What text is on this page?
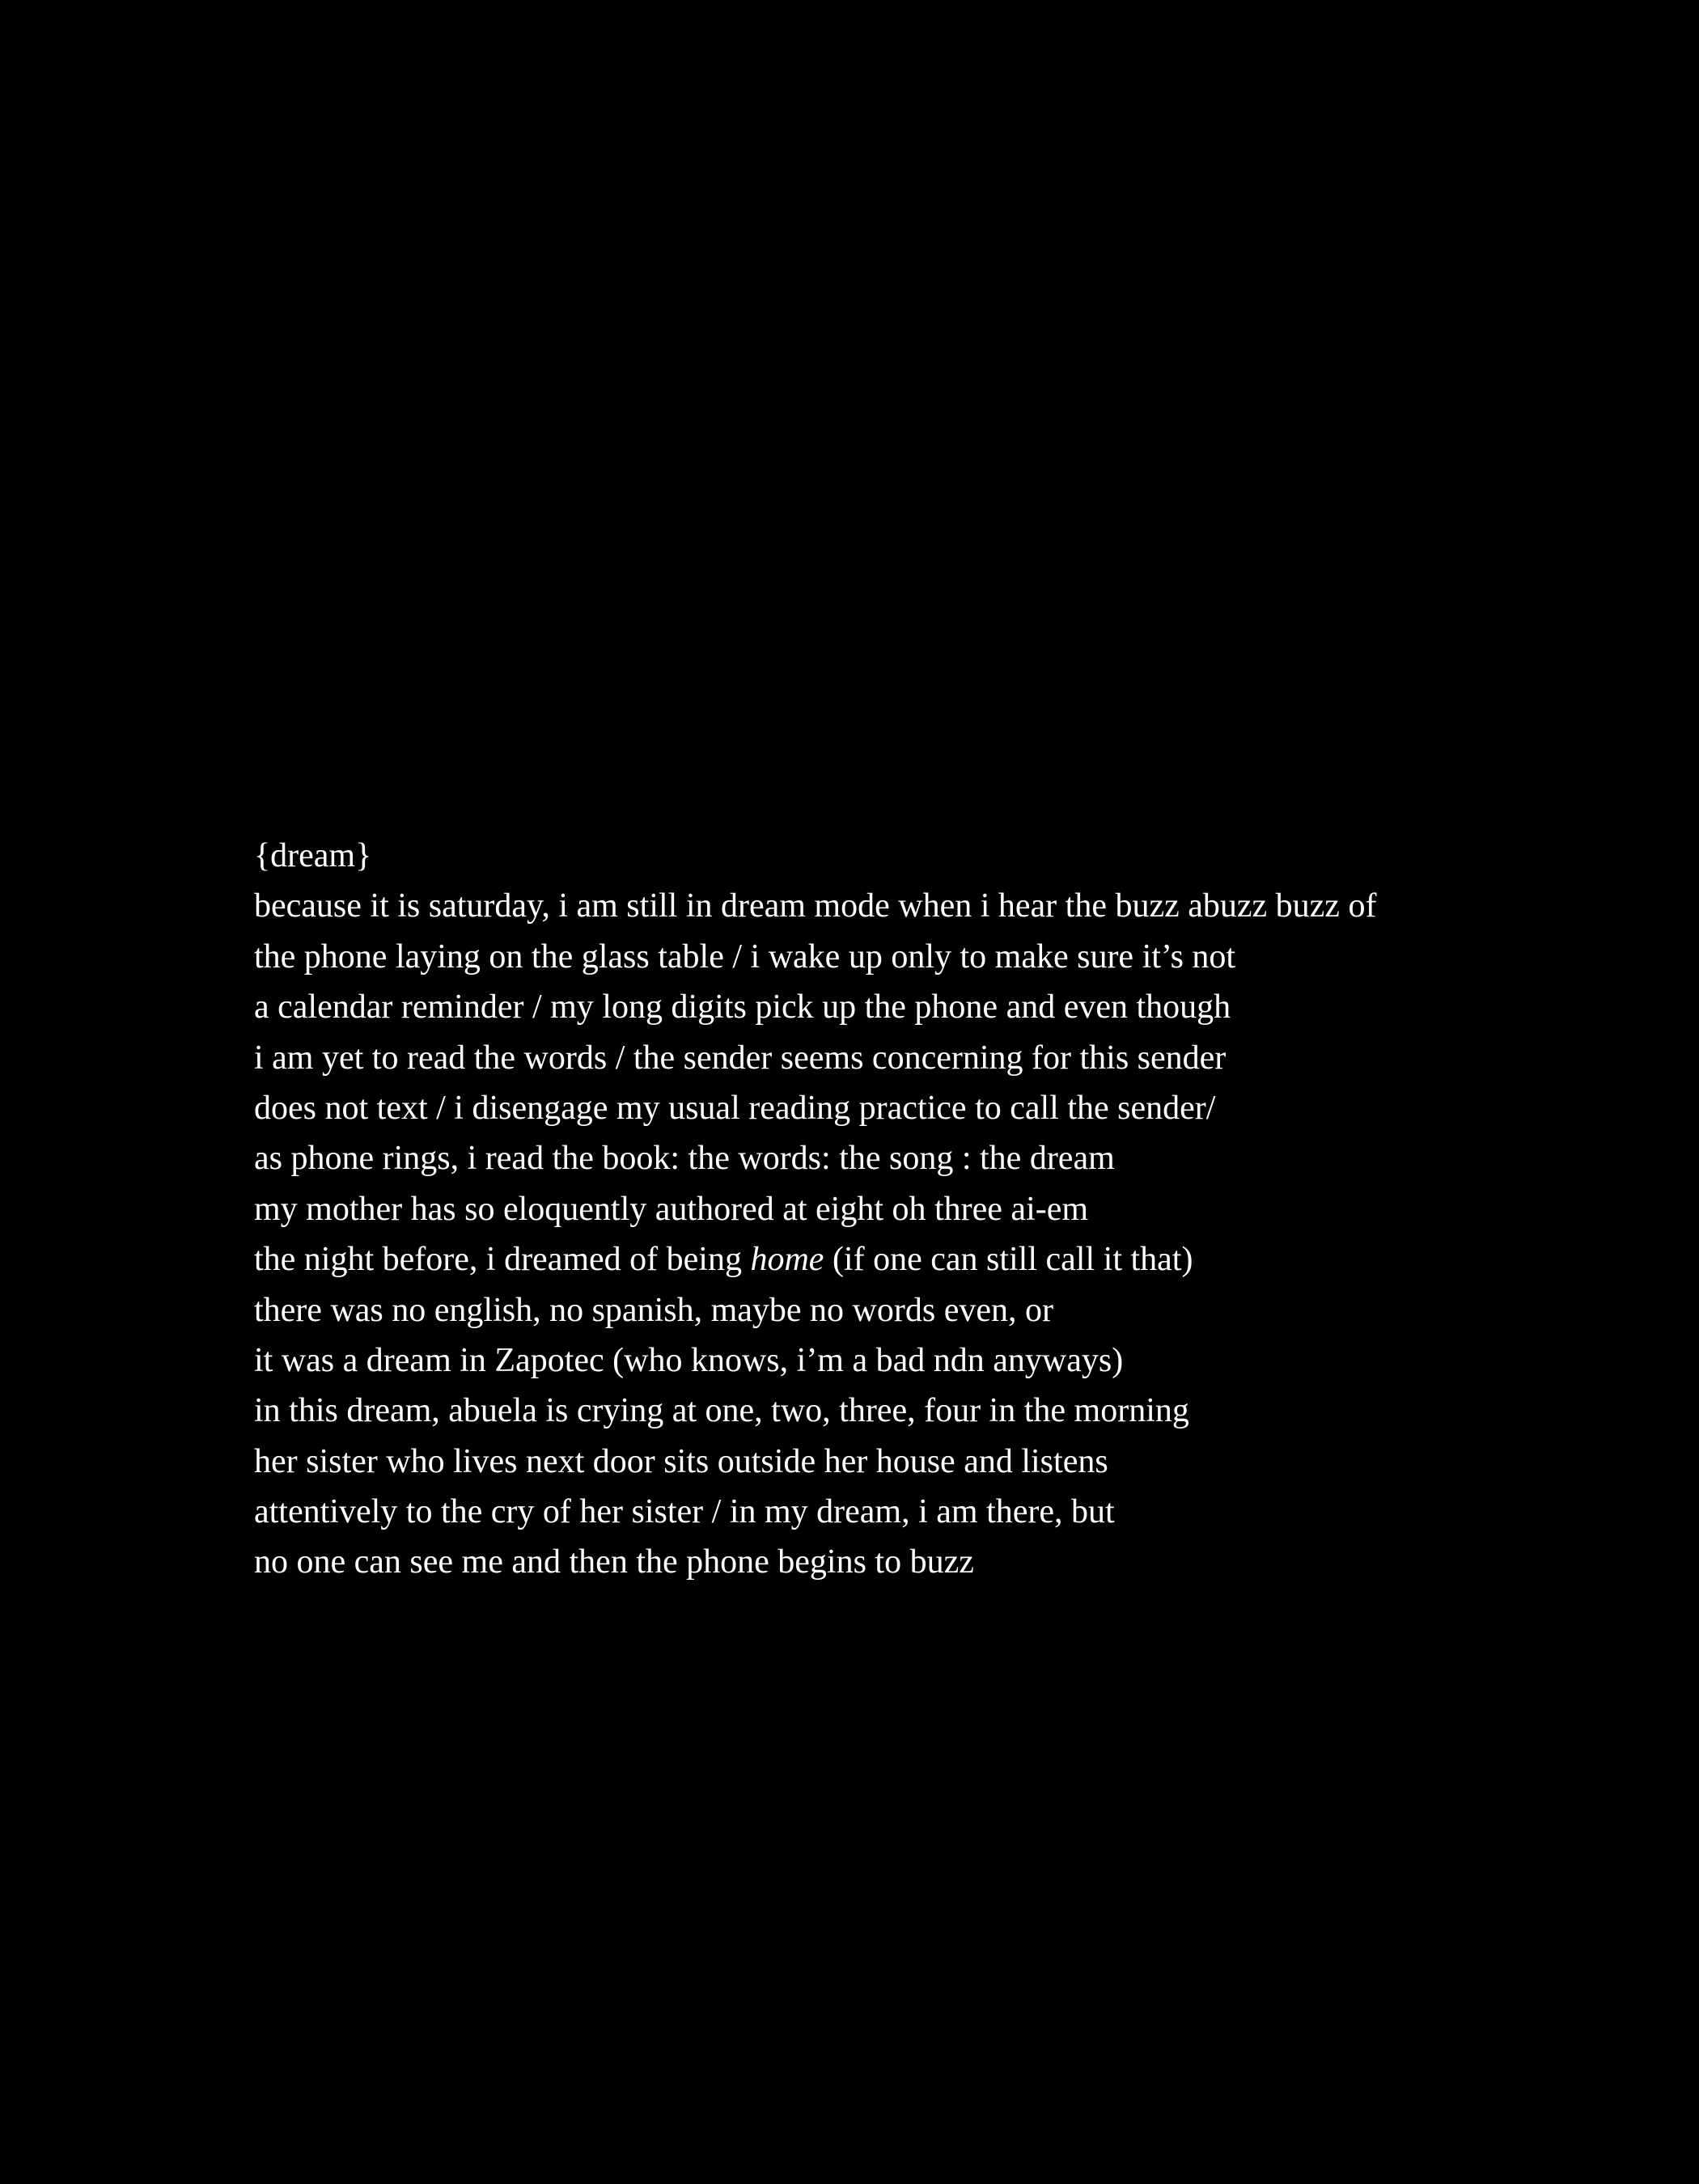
{dream}
because it is saturday, i am still in dream mode when i hear the buzz abuzz buzz of
the phone laying on the glass table / i wake up only to make sure it’s not
a calendar reminder / my long digits pick up the phone and even though
i am yet to read the words / the sender seems concerning for this sender
does not text / i disengage my usual reading practice to call the sender/
as phone rings, i read the book: the words: the song : the dream
my mother has so eloquently authored at eight oh three ai-em
the night before, i dreamed of being home (if one can still call it that)
there was no english, no spanish, maybe no words even, or
it was a dream in Zapotec (who knows, i’m a bad ndn anyways)
in this dream, abuela is crying at one, two, three, four in the morning
her sister who lives next door sits outside her house and listens
attentively to the cry of her sister / in my dream, i am there, but
no one can see me and then the phone begins to buzz
